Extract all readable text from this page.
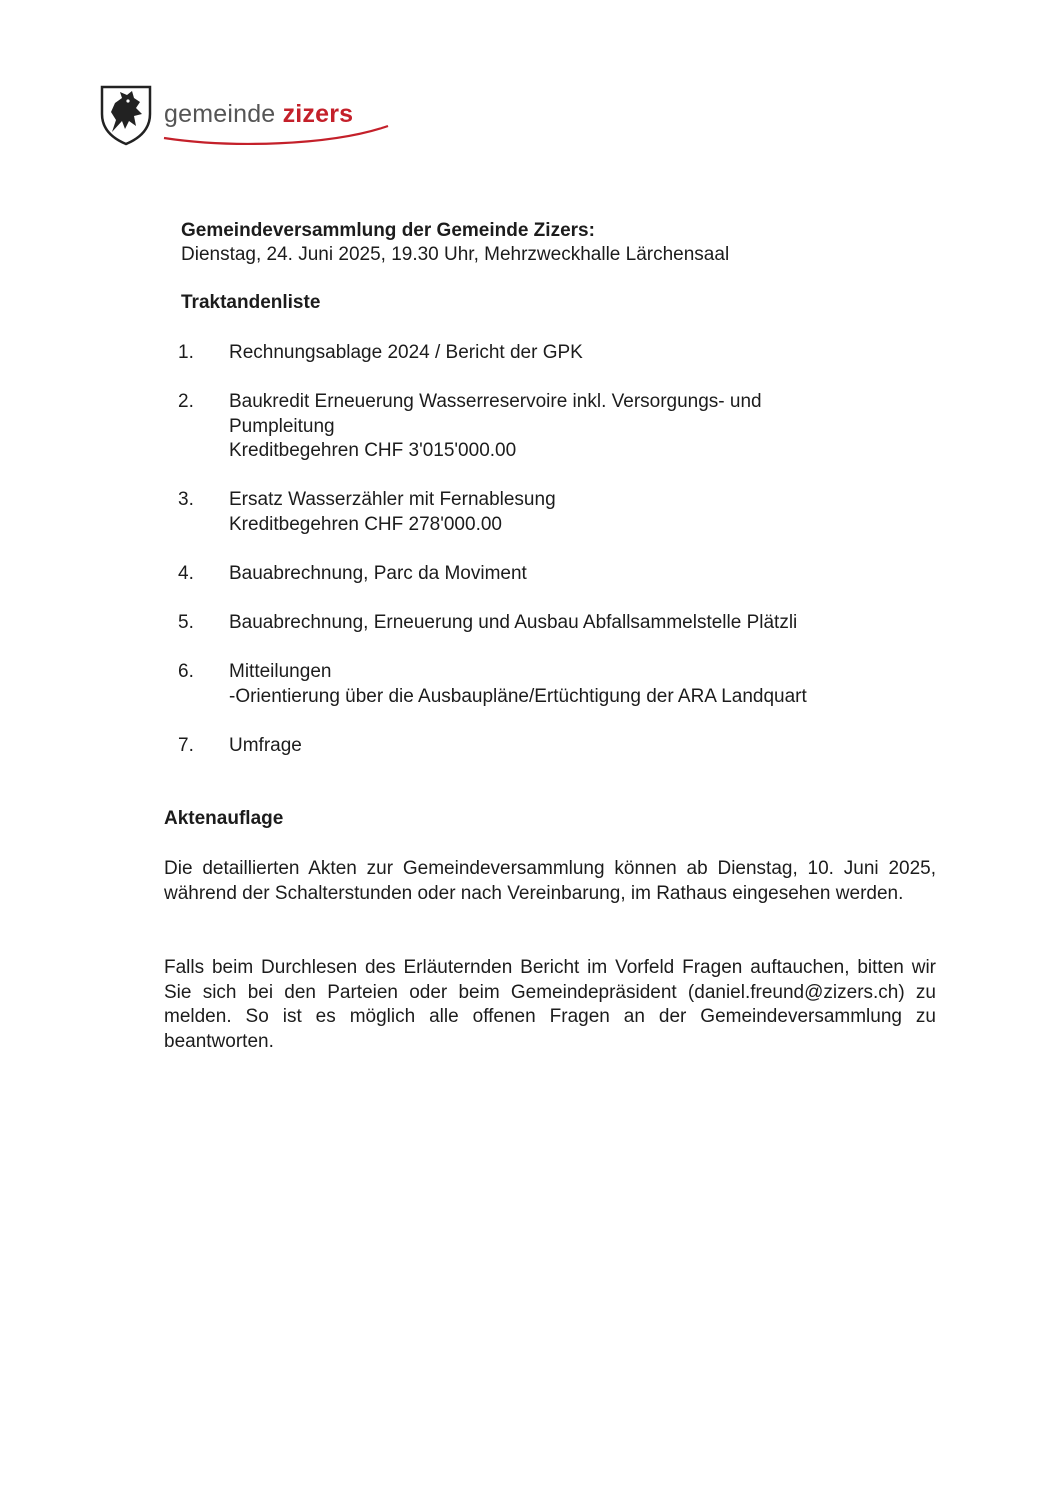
gemeinde zizers
Gemeindeversammlung der Gemeinde Zizers:
Dienstag, 24. Juni 2025, 19.30 Uhr, Mehrzweckhalle Lärchensaal
Traktandenliste
1. Rechnungsablage 2024 / Bericht der GPK
2. Baukredit Erneuerung Wasserreservoire inkl. Versorgungs- und
Pumpleitung
Kreditbegehren CHF 3'015'000.00
3. Ersatz Wasserzähler mit Fernablesung
Kreditbegehren CHF 278'000.00
4. Bauabrechnung, Parc da Moviment
5. Bauabrechnung, Erneuerung und Ausbau Abfallsammelstelle Plätzli
6. Mitteilungen
-Orientierung über die Ausbaupläne/Ertüchtigung der ARA Landquart
7. Umfrage
Aktenauflage
Die detaillierten Akten zur Gemeindeversammlung können ab Dienstag, 10. Juni 2025, während der Schalterstunden oder nach Vereinbarung, im Rathaus eingesehen werden.
Falls beim Durchlesen des Erläuternden Bericht im Vorfeld Fragen auftauchen, bitten wir Sie sich bei den Parteien oder beim Gemeindepräsident (daniel.freund@zizers.ch) zu melden. So ist es möglich alle offenen Fragen an der Gemeindeversammlung zu beantworten.
